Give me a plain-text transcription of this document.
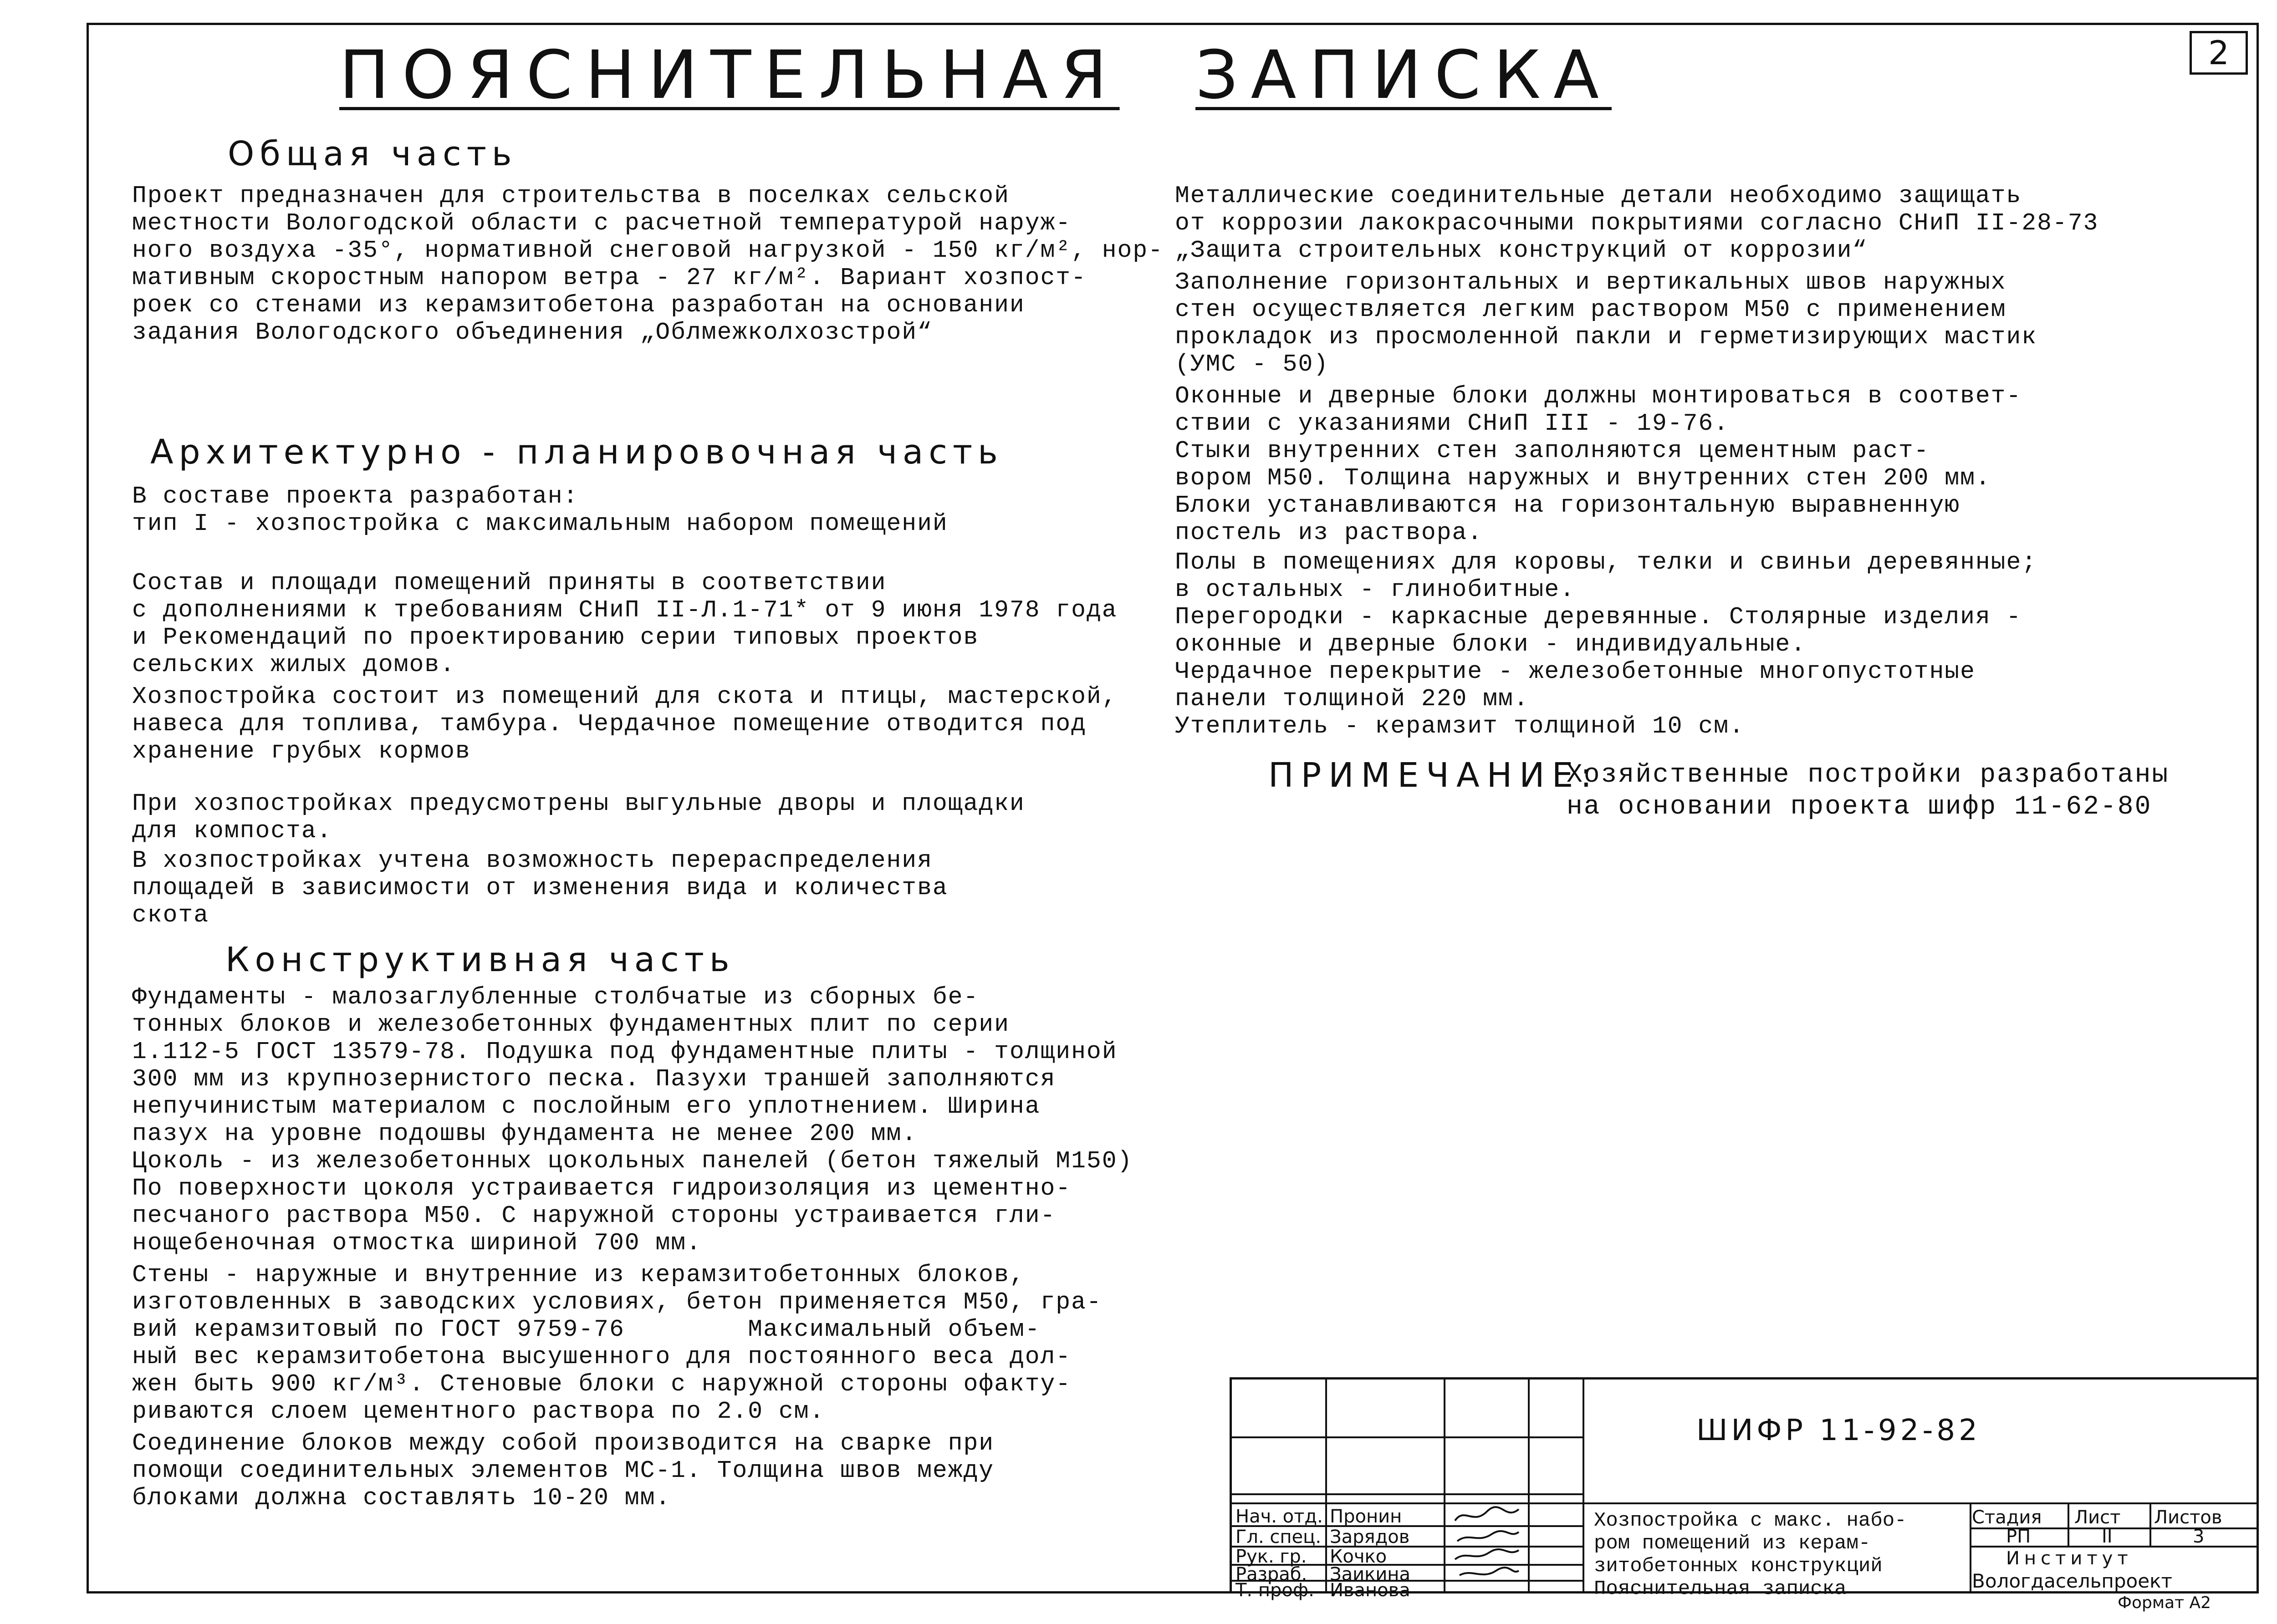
2
ПОЯСНИТЕЛЬНАЯ ЗАПИСКА
Общая часть
Проект предназначен для строительства в поселках сельской
местности Вологодской области с расчетной температурой наруж-
ного воздуха -35°, нормативной снеговой нагрузкой - 150 кг/м², нор-
мативным скоростным напором ветра - 27 кг/м². Вариант хозпост-
роек со стенами из керамзитобетона разработан на основании
задания Вологодского объединения „Облмежколхозстрой“
Архитектурно - планировочная часть
В составе проекта разработан:
тип I - хозпостройка с максимальным набором помещений
Состав и площади помещений приняты в соответствии
с дополнениями к требованиям СНиП II-Л.1-71* от 9 июня 1978 года
и Рекомендаций по проектированию серии типовых проектов
сельских жилых домов.
Хозпостройка состоит из помещений для скота и птицы, мастерской,
навеса для топлива, тамбура. Чердачное помещение отводится под
хранение грубых кормов
При хозпостройках предусмотрены выгульные дворы и площадки
для компоста.
В хозпостройках учтена возможность перераспределения
площадей в зависимости от изменения вида и количества
скота
Конструктивная часть
Фундаменты - малозаглубленные столбчатые из сборных бе-
тонных блоков и железобетонных фундаментных плит по серии
1.112-5 ГОСТ 13579-78. Подушка под фундаментные плиты - толщиной
300 мм из крупнозернистого песка. Пазухи траншей заполняются
непучинистым материалом с послойным его уплотнением. Ширина
пазух на уровне подошвы фундамента не менее 200 мм.
Цоколь - из железобетонных цокольных панелей (бетон тяжелый М150)
По поверхности цоколя устраивается гидроизоляция из цементно-
песчаного раствора М50. С наружной стороны устраивается гли-
нощебеночная отмостка шириной 700 мм.
Стены - наружные и внутренние из керамзитобетонных блоков,
изготовленных в заводских условиях, бетон применяется М50, гра-
вий керамзитовый по ГОСТ 9759-76        Максимальный объем-
ный вес керамзитобетона высушенного для постоянного веса дол-
жен быть 900 кг/м³. Стеновые блоки с наружной стороны офакту-
риваются слоем цементного раствора по 2.0 см.
Соединение блоков между собой производится на сварке при
помощи соединительных элементов МС-1. Толщина швов между
блоками должна составлять 10-20 мм.
Металлические соединительные детали необходимо защищать
от коррозии лакокрасочными покрытиями согласно СНиП II-28-73
„Защита строительных конструкций от коррозии“
Заполнение горизонтальных и вертикальных швов наружных
стен осуществляется легким раствором М50 с применением
прокладок из просмоленной пакли и герметизирующих мастик
(УМС - 50)
Оконные и дверные блоки должны монтироваться в соответ-
ствии с указаниями СНиП III - 19-76.
Стыки внутренних стен заполняются цементным раст-
вором М50. Толщина наружных и внутренних стен 200 мм.
Блоки устанавливаются на горизонтальную выравненную
постель из раствора.
Полы в помещениях для коровы, телки и свиньи деревянные;
в остальных - глинобитные.
Перегородки - каркасные деревянные. Столярные изделия -
оконные и дверные блоки - индивидуальные.
Чердачное перекрытие - железобетонные многопустотные
панели толщиной 220 мм.
Утеплитель - керамзит толщиной 10 см.
ПРИМЕЧАНИЕ:
Хозяйственные постройки разработаны
на основании проекта шифр 11-62-80
ШИФР 11-92-82
Хозпостройка с макс. набо-
ром помещений из керам-
зитобетонных конструкций
Пояснительная записка
Стадия Лист Листов
РП	II	3
Институт
Вологдасельпроект
Нач. отд.
Гл. спец.
Рук. гр.
Разраб.
Т. проф.
Пронин
Зарядов
Кочко
Заикина
Иванова
Формат А2
